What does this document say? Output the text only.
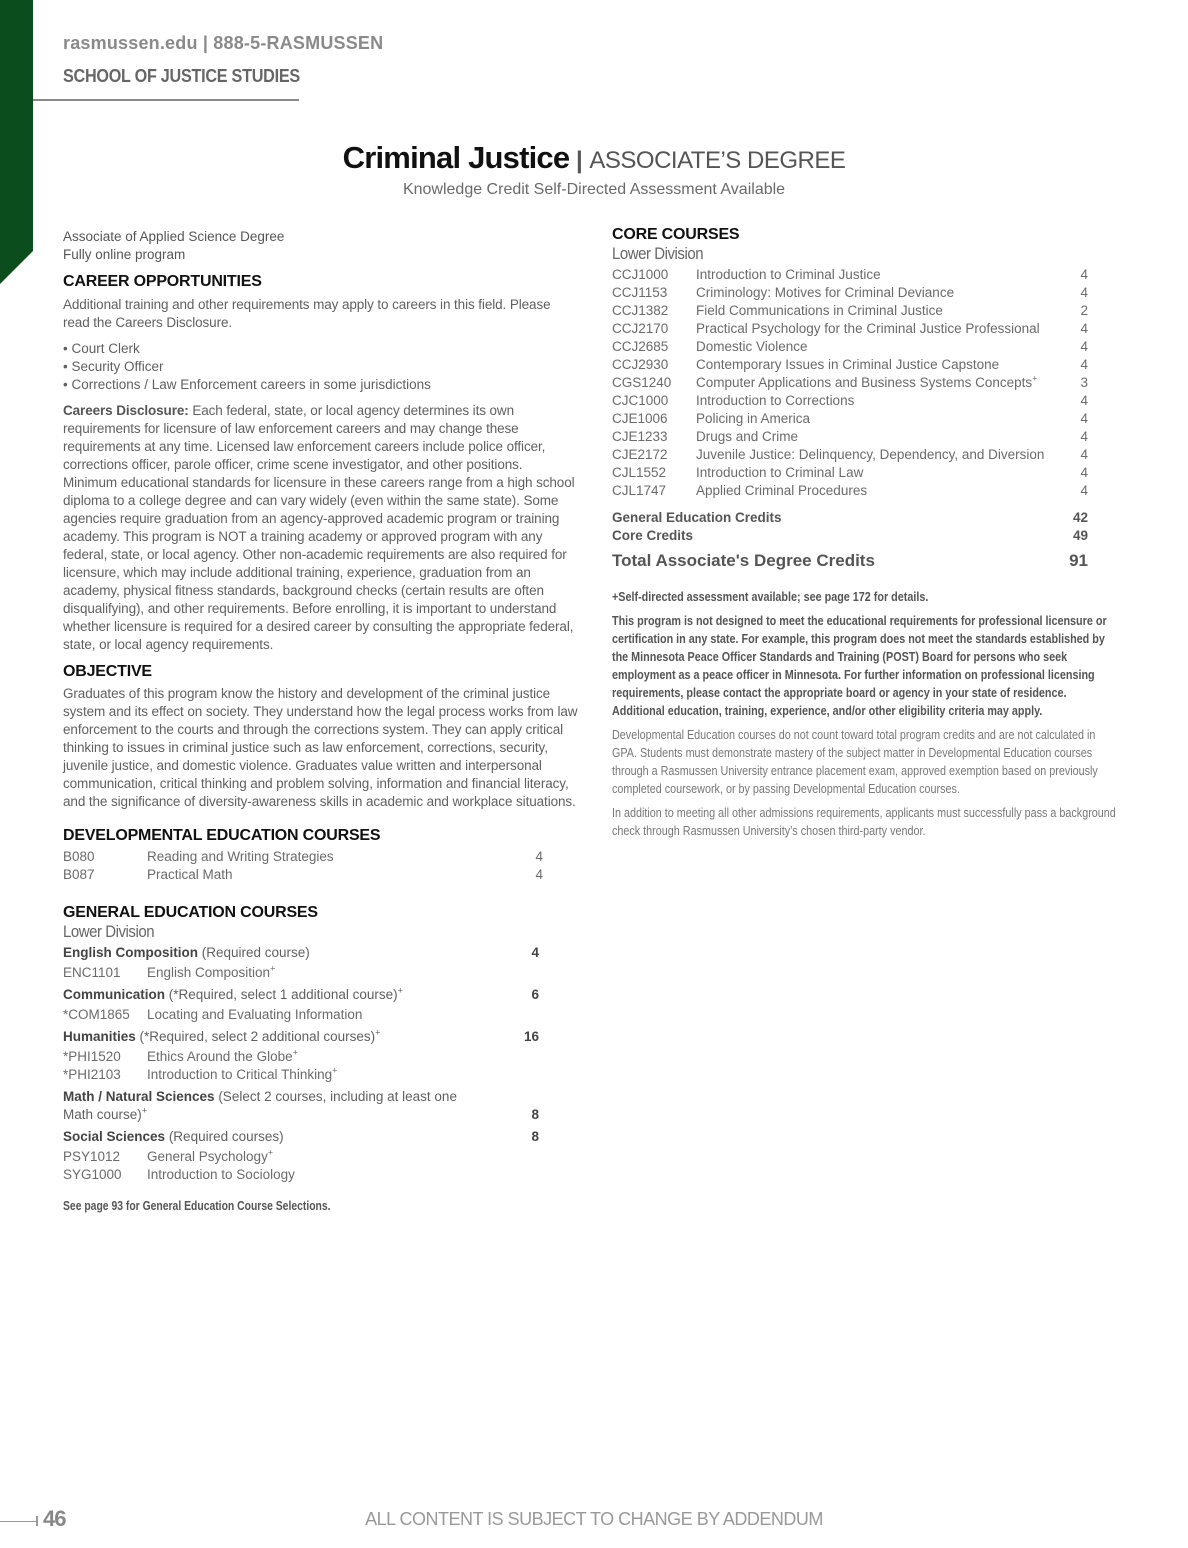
rasmussen.edu | 888-5-RASMUSSEN
SCHOOL OF JUSTICE STUDIES
Criminal Justice | ASSOCIATE’S DEGREE
Knowledge Credit Self-Directed Assessment Available
Associate of Applied Science Degree
Fully online program
CAREER OPPORTUNITIES

Additional training and other requirements may apply to careers in this field. Please read the Careers Disclosure.

• Court Clerk
• Security Officer
• Corrections / Law Enforcement careers in some jurisdictions

Careers Disclosure: Each federal, state, or local agency determines its own requirements for licensure of law enforcement careers and may change these requirements at any time. Licensed law enforcement careers include police officer, corrections officer, parole officer, crime scene investigator, and other positions. Minimum educational standards for licensure in these careers range from a high school diploma to a college degree and can vary widely (even within the same state). Some agencies require graduation from an agency-approved academic program or training academy. This program is NOT a training academy or approved program with any federal, state, or local agency. Other non-academic requirements are also required for licensure, which may include additional training, experience, graduation from an academy, physical fitness standards, background checks (certain results are often disqualifying), and other requirements. Before enrolling, it is important to understand whether licensure is required for a desired career by consulting the appropriate federal, state, or local agency requirements.

OBJECTIVE

Graduates of this program know the history and development of the criminal justice system and its effect on society. They understand how the legal process works from law enforcement to the courts and through the corrections system. They can apply critical thinking to issues in criminal justice such as law enforcement, corrections, security, juvenile justice, and domestic violence. Graduates value written and interpersonal communication, critical thinking and problem solving, information and financial literacy, and the significance of diversity-awareness skills in academic and workplace situations.

DEVELOPMENTAL EDUCATION COURSES
B080	Reading and Writing Strategies	4
B087	Practical Math	4
GENERAL EDUCATION COURSES
Lower Division
English Composition (Required course)	4
ENC1101	English Composition+
Communication (*Required, select 1 additional course)+	6
*COM1865	Locating and Evaluating Information
Humanities (*Required, select 2 additional courses)+	16
*PHI1520	Ethics Around the Globe+
*PHI2103	Introduction to Critical Thinking+
Math / Natural Sciences (Select 2 courses, including at least one
Math course)+	8
Social Sciences (Required courses)	8
PSY1012	General Psychology+
SYG1000	Introduction to Sociology

See page 93 for General Education Course Selections.

CORE COURSES
Lower Division
CCJ1000	Introduction to Criminal Justice	4
CCJ1153	Criminology: Motives for Criminal Deviance	4
CCJ1382	Field Communications in Criminal Justice	2
CCJ2170	Practical Psychology for the Criminal Justice Professional	4
CCJ2685	Domestic Violence	4
CCJ2930	Contemporary Issues in Criminal Justice Capstone	4
CGS1240	Computer Applications and Business Systems Concepts+	3
CJC1000	Introduction to Corrections	4
CJE1006	Policing in America	4
CJE1233	Drugs and Crime	4
CJE2172	Juvenile Justice: Delinquency, Dependency, and Diversion	4
CJL1552	Introduction to Criminal Law	4
CJL1747	Applied Criminal Procedures	4
General Education Credits	42
Core Credits	49
Total Associate's Degree Credits	91

+Self-directed assessment available; see page 172 for details.

This program is not designed to meet the educational requirements for professional licensure or certification in any state. For example, this program does not meet the standards established by the Minnesota Peace Officer Standards and Training (POST) Board for persons who seek employment as a peace officer in Minnesota. For further information on professional licensing requirements, please contact the appropriate board or agency in your state of residence. Additional education, training, experience, and/or other eligibility criteria may apply.

Developmental Education courses do not count toward total program credits and are not calculated in GPA. Students must demonstrate mastery of the subject matter in Developmental Education courses through a Rasmussen University entrance placement exam, approved exemption based on previously completed coursework, or by passing Developmental Education courses.

In addition to meeting all other admissions requirements, applicants must successfully pass a background check through Rasmussen University’s chosen third-party vendor.

46	ALL CONTENT IS SUBJECT TO CHANGE BY ADDENDUM
